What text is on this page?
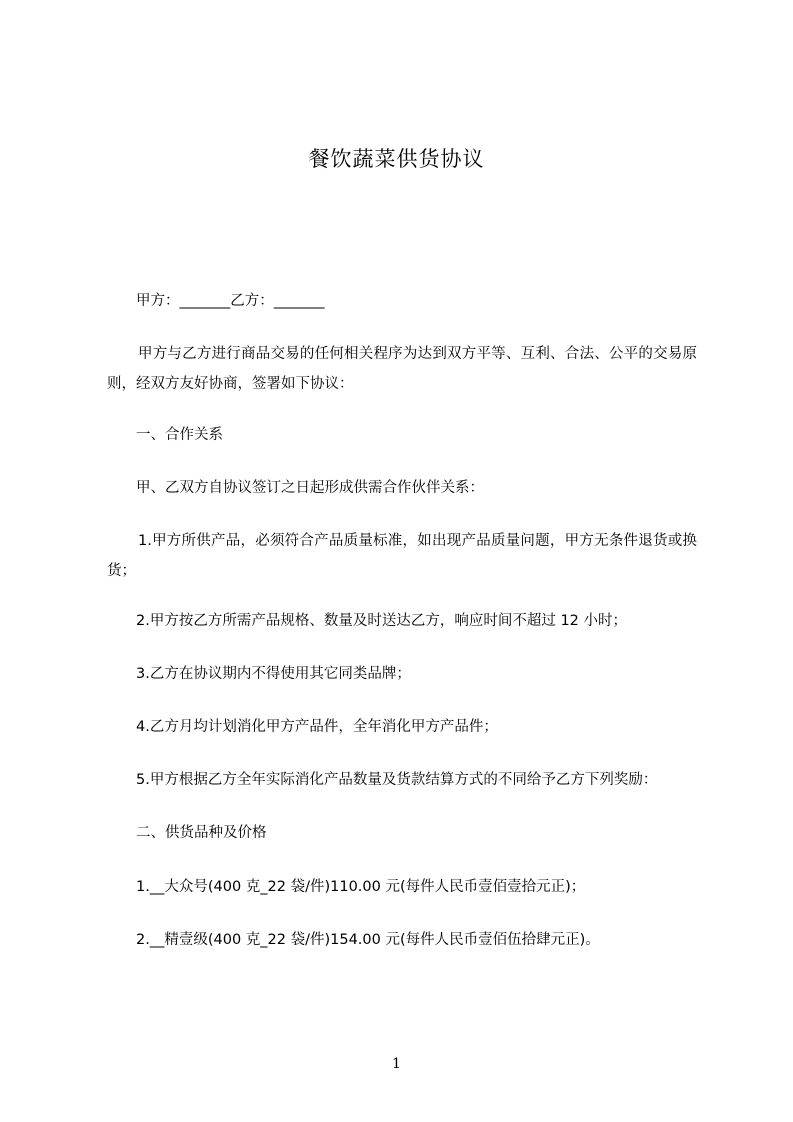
餐饮蔬菜供货协议
甲方：_______乙方：_______
甲方与乙方进行商品交易的任何相关程序为达到双方平等、互利、合法、公平的交易原则，经双方友好协商，签署如下协议：
一、合作关系
甲、乙双方自协议签订之日起形成供需合作伙伴关系：
1.甲方所供产品，必须符合产品质量标准，如出现产品质量问题，甲方无条件退货或换货；
2.甲方按乙方所需产品规格、数量及时送达乙方，响应时间不超过 12 小时；
3.乙方在协议期内不得使用其它同类品牌；
4.乙方月均计划消化甲方产品件，全年消化甲方产品件；
5.甲方根据乙方全年实际消化产品数量及货款结算方式的不同给予乙方下列奖励：
二、供货品种及价格
1.__大众号(400 克_22 袋/件)110.00 元(每件人民币壹佰壹拾元正)；
2.__精壹级(400 克_22 袋/件)154.00 元(每件人民币壹佰伍拾肆元正)。
1
